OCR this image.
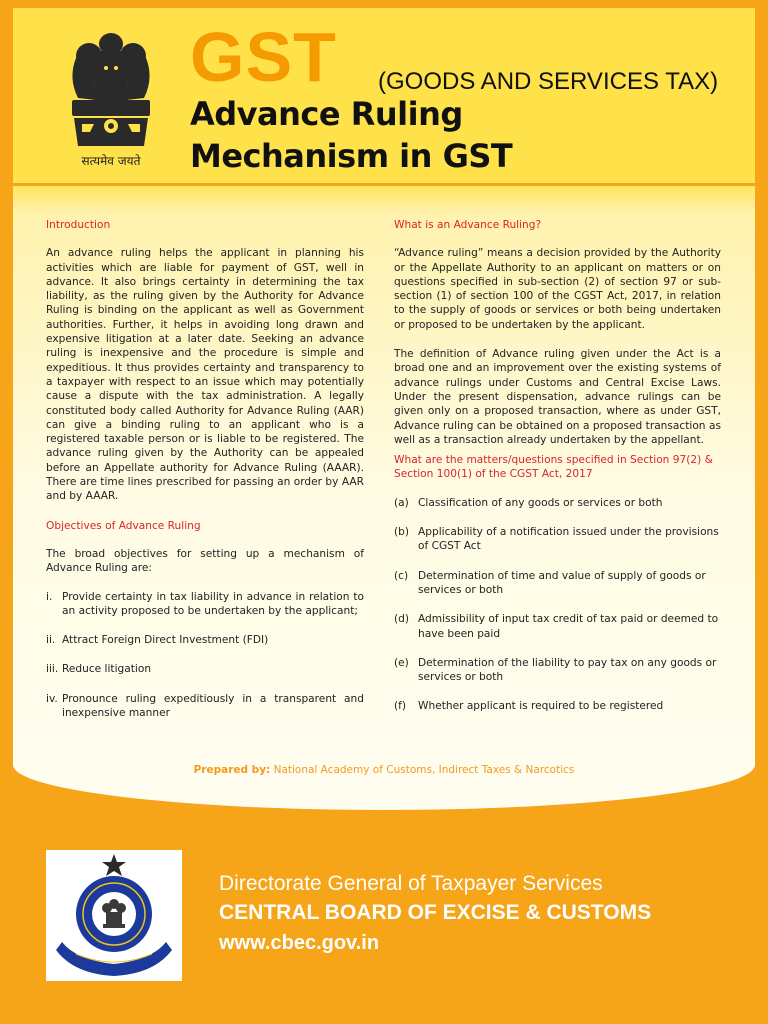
सत्यमेव जयते
GST (GOODS AND SERVICES TAX)
Advance Ruling
Mechanism in GST

Introduction

An advance ruling helps the applicant in planning his activities which are liable for payment of GST, well in advance. It also brings certainty in determining the tax liability, as the ruling given by the Authority for Advance Ruling is binding on the applicant as well as Government authorities. Further, it helps in avoiding long drawn and expensive litigation at a later date. Seeking an advance ruling is inexpensive and the procedure is simple and expeditious. It thus provides certainty and transparency to a taxpayer with respect to an issue which may potentially cause a dispute with the tax administration. A legally constituted body called Authority for Advance Ruling (AAR) can give a binding ruling to an applicant who is a registered taxable person or is liable to be registered. The advance ruling given by the Authority can be appealed before an Appellate authority for Advance Ruling (AAAR). There are time lines prescribed for passing an order by AAR and by AAAR.

Objectives of Advance Ruling

The broad objectives for setting up a mechanism of Advance Ruling are:

i. Provide certainty in tax liability in advance in relation to an activity proposed to be undertaken by the applicant;
ii. Attract Foreign Direct Investment (FDI)
iii. Reduce litigation
iv. Pronounce ruling expeditiously in a transparent and inexpensive manner

What is an Advance Ruling?

“Advance ruling” means a decision provided by the Authority or the Appellate Authority to an applicant on matters or on questions specified in sub-section (2) of section 97 or sub-section (1) of section 100 of the CGST Act, 2017, in relation to the supply of goods or services or both being undertaken or proposed to be undertaken by the applicant.

The definition of Advance ruling given under the Act is a broad one and an improvement over the existing systems of advance rulings under Customs and Central Excise Laws. Under the present dispensation, advance rulings can be given only on a proposed transaction, where as under GST, Advance ruling can be obtained on a proposed transaction as well as a transaction already undertaken by the appellant.

What are the matters/questions specified in Section 97(2) & Section 100(1) of the CGST Act, 2017

(a) Classification of any goods or services or both
(b) Applicability of a notification issued under the provisions of CGST Act
(c) Determination of time and value of supply of goods or services or both
(d) Admissibility of input tax credit of tax paid or deemed to have been paid
(e) Determination of the liability to pay tax on any goods or services or both
(f) Whether applicant is required to be registered
Prepared by: National Academy of Customs, Indirect Taxes & Narcotics
Directorate General of Taxpayer Services
CENTRAL BOARD OF EXCISE & CUSTOMS
www.cbec.gov.in
